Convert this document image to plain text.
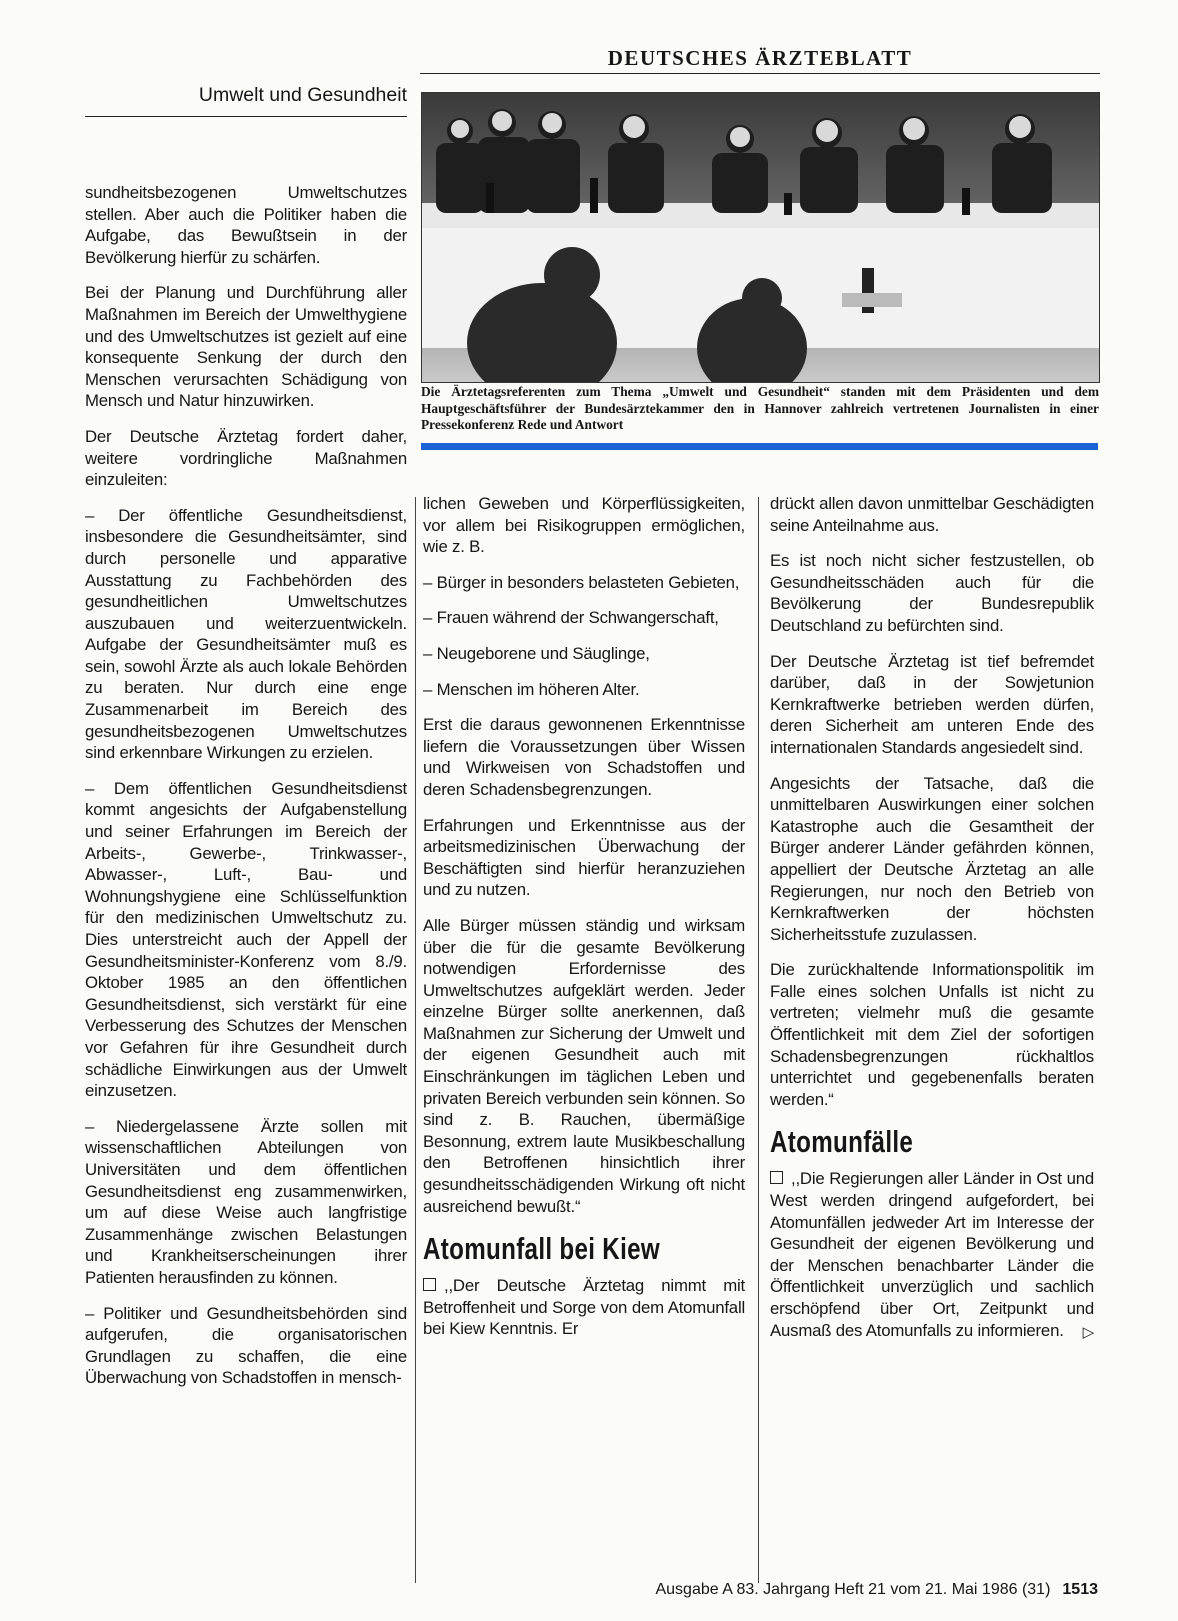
DEUTSCHES ÄRZTEBLATT
Umwelt und Gesundheit
Die Ärztetagsreferenten zum Thema „Umwelt und Gesundheit“ standen mit dem Präsidenten und dem Hauptgeschäftsführer der Bundesärztekammer den in Hannover zahlreich vertretenen Journalisten in einer Pressekonferenz Rede und Antwort

sundheitsbezogenen Umweltschutzes stellen. Aber auch die Politiker haben die Aufgabe, das Bewußtsein in der Bevölkerung hierfür zu schärfen.

Bei der Planung und Durchführung aller Maßnahmen im Bereich der Umwelthygiene und des Umweltschutzes ist gezielt auf eine konsequente Senkung der durch den Menschen verursachten Schädigung von Mensch und Natur hinzuwirken.

Der Deutsche Ärztetag fordert daher, weitere vordringliche Maßnahmen einzuleiten:

– Der öffentliche Gesundheitsdienst, insbesondere die Gesundheitsämter, sind durch personelle und apparative Ausstattung zu Fachbehörden des gesundheitlichen Umweltschutzes auszubauen und weiterzuentwickeln. Aufgabe der Gesundheitsämter muß es sein, sowohl Ärzte als auch lokale Behörden zu beraten. Nur durch eine enge Zusammenarbeit im Bereich des gesundheitsbezogenen Umweltschutzes sind erkennbare Wirkungen zu erzielen.

– Dem öffentlichen Gesundheitsdienst kommt angesichts der Aufgabenstellung und seiner Erfahrungen im Bereich der Arbeits-, Gewerbe-, Trinkwasser-, Abwasser-, Luft-, Bau- und Wohnungshygiene eine Schlüsselfunktion für den medizinischen Umweltschutz zu. Dies unterstreicht auch der Appell der Gesundheitsminister-Konferenz vom 8./9. Oktober 1985 an den öffentlichen Gesundheitsdienst, sich verstärkt für eine Verbesserung des Schutzes der Menschen vor Gefahren für ihre Gesundheit durch schädliche Einwirkungen aus der Umwelt einzusetzen.

– Niedergelassene Ärzte sollen mit wissenschaftlichen Abteilungen von Universitäten und dem öffentlichen Gesundheitsdienst eng zusammenwirken, um auf diese Weise auch langfristige Zusammenhänge zwischen Belastungen und Krankheitserscheinungen ihrer Patienten herausfinden zu können.

– Politiker und Gesundheitsbehörden sind aufgerufen, die organisatorischen Grundlagen zu schaffen, die eine Überwachung von Schadstoffen in mensch-

lichen Geweben und Körperflüssigkeiten, vor allem bei Risikogruppen ermöglichen, wie z. B.

– Bürger in besonders belasteten Gebieten,

– Frauen während der Schwangerschaft,

– Neugeborene und Säuglinge,

– Menschen im höheren Alter.

Erst die daraus gewonnenen Erkenntnisse liefern die Voraussetzungen über Wissen und Wirkweisen von Schadstoffen und deren Schadensbegrenzungen.

Erfahrungen und Erkenntnisse aus der arbeitsmedizinischen Überwachung der Beschäftigten sind hierfür heranzuziehen und zu nutzen.

Alle Bürger müssen ständig und wirksam über die für die gesamte Bevölkerung notwendigen Erfordernisse des Umweltschutzes aufgeklärt werden. Jeder einzelne Bürger sollte anerkennen, daß Maßnahmen zur Sicherung der Umwelt und der eigenen Gesundheit auch mit Einschränkungen im täglichen Leben und privaten Bereich verbunden sein können. So sind z. B. Rauchen, übermäßige Besonnung, extrem laute Musikbeschallung den Betroffenen hinsichtlich ihrer gesundheitsschädigenden Wirkung oft nicht ausreichend bewußt.“

Atomunfall bei Kiew

,,Der Deutsche Ärztetag nimmt mit Betroffenheit und Sorge von dem Atomunfall bei Kiew Kenntnis. Er

drückt allen davon unmittelbar Geschädigten seine Anteilnahme aus.

Es ist noch nicht sicher festzustellen, ob Gesundheitsschäden auch für die Bevölkerung der Bundesrepublik Deutschland zu befürchten sind.

Der Deutsche Ärztetag ist tief befremdet darüber, daß in der Sowjetunion Kernkraftwerke betrieben werden dürfen, deren Sicherheit am unteren Ende des internationalen Standards angesiedelt sind.

Angesichts der Tatsache, daß die unmittelbaren Auswirkungen einer solchen Katastrophe auch die Gesamtheit der Bürger anderer Länder gefährden können, appelliert der Deutsche Ärztetag an alle Regierungen, nur noch den Betrieb von Kernkraftwerken der höchsten Sicherheitsstufe zuzulassen.

Die zurückhaltende Informationspolitik im Falle eines solchen Unfalls ist nicht zu vertreten; vielmehr muß die gesamte Öffentlichkeit mit dem Ziel der sofortigen Schadensbegrenzungen rückhaltlos unterrichtet und gegebenenfalls beraten werden.“

Atomunfälle

,,Die Regierungen aller Länder in Ost und West werden dringend aufgefordert, bei Atomunfällen jedweder Art im Interesse der Gesundheit der eigenen Bevölkerung und der Menschen benachbarter Länder die Öffentlichkeit unverzüglich und sachlich erschöpfend über Ort, Zeitpunkt und Ausmaß des Atomunfalls zu informieren. ▷

Ausgabe A 83. Jahrgang Heft 21 vom 21. Mai 1986 (31) 1513
